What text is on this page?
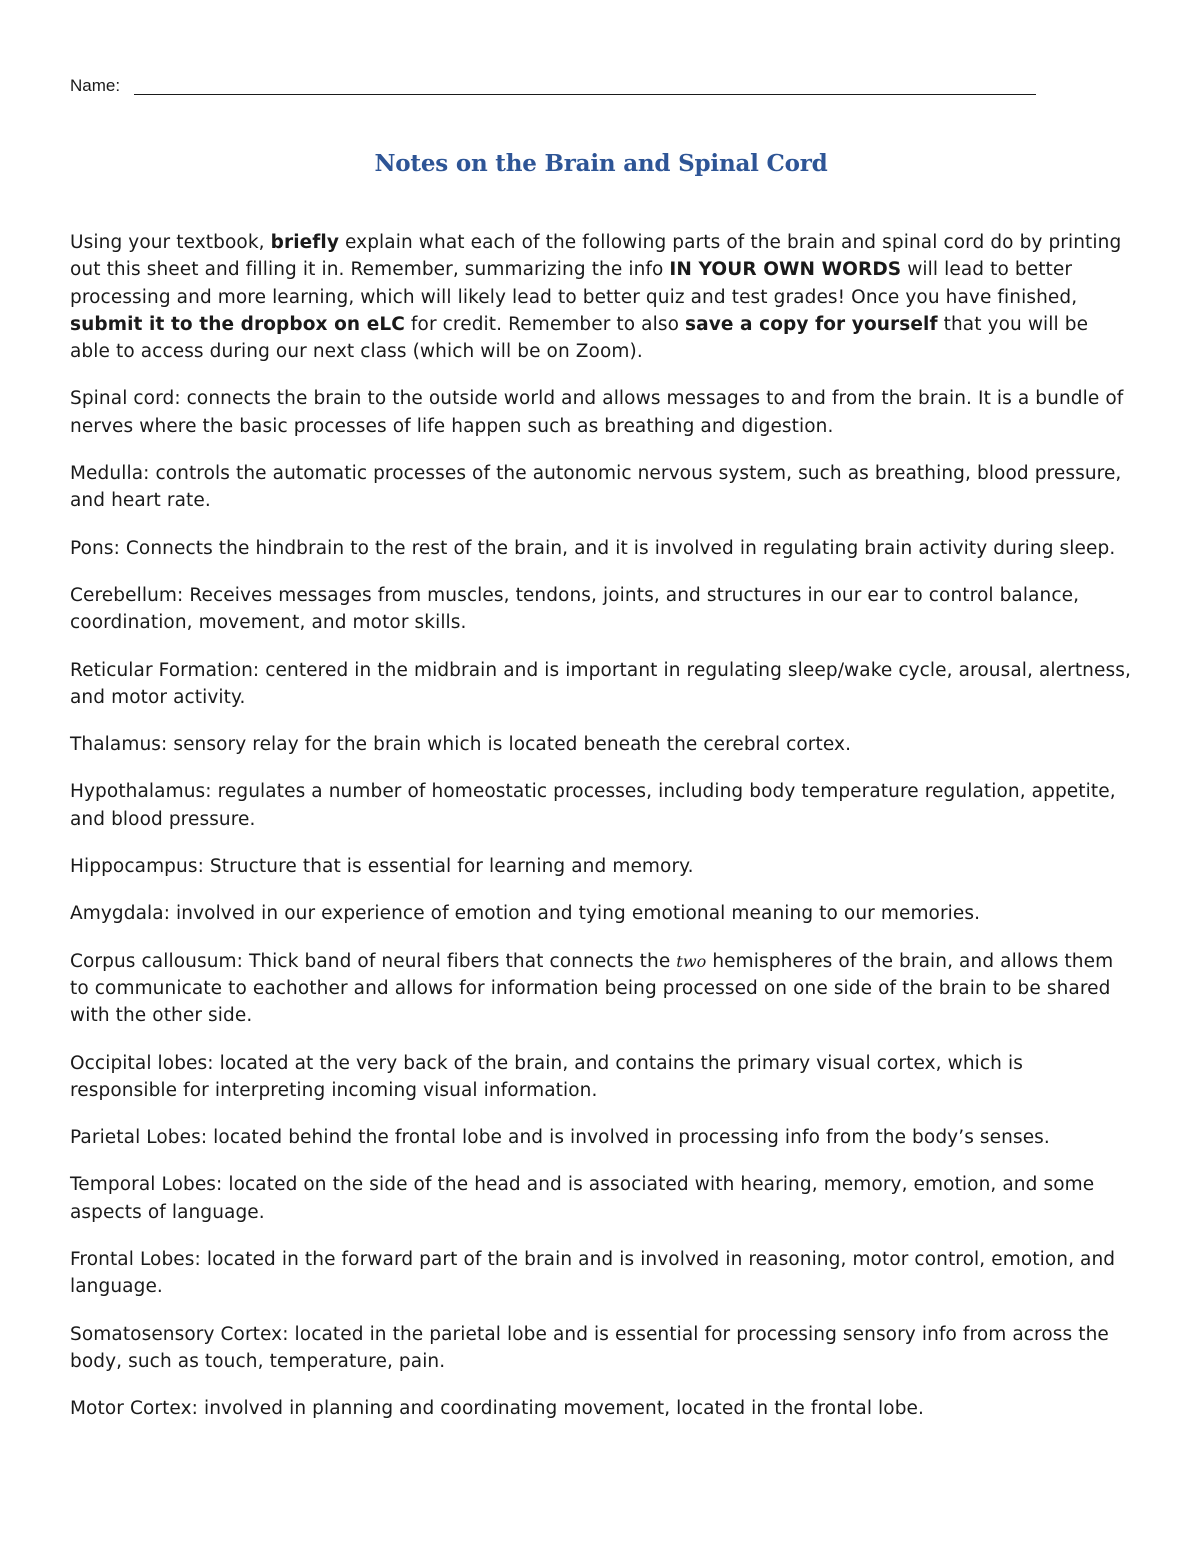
Name:
Notes on the Brain and Spinal Cord

Using your textbook, briefly explain what each of the following parts of the brain and spinal cord do by printing out this sheet and filling it in. Remember, summarizing the info IN YOUR OWN WORDS will lead to better processing and more learning, which will likely lead to better quiz and test grades! Once you have finished, submit it to the dropbox on eLC for credit. Remember to also save a copy for yourself that you will be able to access during our next class (which will be on Zoom).

Spinal cord: connects the brain to the outside world and allows messages to and from the brain. It is a bundle of nerves where the basic processes of life happen such as breathing and digestion.

Medulla: controls the automatic processes of the autonomic nervous system, such as breathing, blood pressure, and heart rate.

Pons: Connects the hindbrain to the rest of the brain, and it is involved in regulating brain activity during sleep.

Cerebellum: Receives messages from muscles, tendons, joints, and structures in our ear to control balance, coordination, movement, and motor skills.

Reticular Formation: centered in the midbrain and is important in regulating sleep/wake cycle, arousal, alertness, and motor activity.

Thalamus: sensory relay for the brain which is located beneath the cerebral cortex.

Hypothalamus: regulates a number of homeostatic processes, including body temperature regulation, appetite, and blood pressure.

Hippocampus: Structure that is essential for learning and memory.

Amygdala: involved in our experience of emotion and tying emotional meaning to our memories.

Corpus callousum: Thick band of neural fibers that connects the two hemispheres of the brain, and allows them to communicate to eachother and allows for information being processed on one side of the brain to be shared with the other side.

Occipital lobes: located at the very back of the brain, and contains the primary visual cortex, which is responsible for interpreting incoming visual information.

Parietal Lobes: located behind the frontal lobe and is involved in processing info from the body’s senses.

Temporal Lobes: located on the side of the head and is associated with hearing, memory, emotion, and some aspects of language.

Frontal Lobes: located in the forward part of the brain and is involved in reasoning, motor control, emotion, and language.

Somatosensory Cortex: located in the parietal lobe and is essential for processing sensory info from across the body, such as touch, temperature, pain.

Motor Cortex: involved in planning and coordinating movement, located in the frontal lobe.
